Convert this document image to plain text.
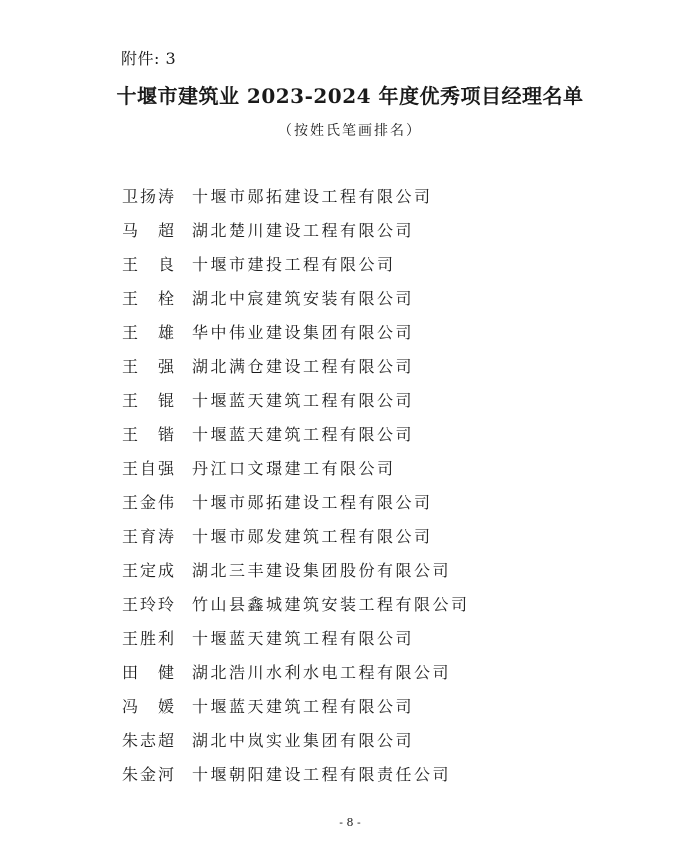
附件: 3
十堰市建筑业 2023-2024 年度优秀项目经理名单
（按姓氏笔画排名）
卫扬涛 十堰市郧拓建设工程有限公司
马　超 湖北楚川建设工程有限公司
王　良 十堰市建投工程有限公司
王　栓 湖北中宸建筑安装有限公司
王　雄 华中伟业建设集团有限公司
王　强 湖北满仓建设工程有限公司
王　锟 十堰蓝天建筑工程有限公司
王　锴 十堰蓝天建筑工程有限公司
王自强 丹江口文璟建工有限公司
王金伟 十堰市郧拓建设工程有限公司
王育涛 十堰市郧发建筑工程有限公司
王定成 湖北三丰建设集团股份有限公司
王玲玲 竹山县鑫城建筑安装工程有限公司
王胜利 十堰蓝天建筑工程有限公司
田　健 湖北浩川水利水电工程有限公司
冯　媛 十堰蓝天建筑工程有限公司
朱志超 湖北中岚实业集团有限公司
朱金河 十堰朝阳建设工程有限责任公司
- 8 -
